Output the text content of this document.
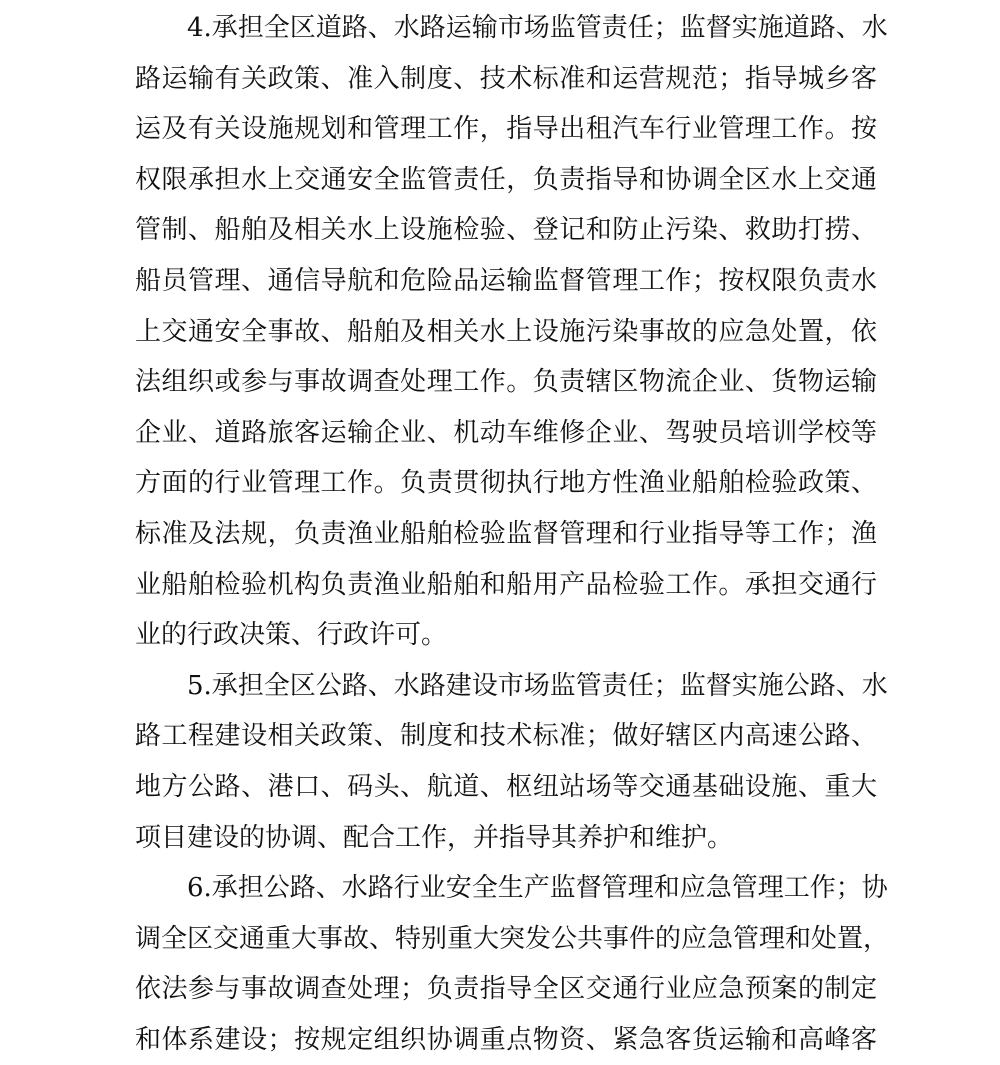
4.承担全区道路、水路运输市场监管责任；监督实施道路、水
路运输有关政策、准入制度、技术标准和运营规范；指导城乡客
运及有关设施规划和管理工作，指导出租汽车行业管理工作。按
权限承担水上交通安全监管责任，负责指导和协调全区水上交通
管制、船舶及相关水上设施检验、登记和防止污染、救助打捞、
船员管理、通信导航和危险品运输监督管理工作；按权限负责水
上交通安全事故、船舶及相关水上设施污染事故的应急处置，依
法组织或参与事故调查处理工作。负责辖区物流企业、货物运输
企业、道路旅客运输企业、机动车维修企业、驾驶员培训学校等
方面的行业管理工作。负责贯彻执行地方性渔业船舶检验政策、
标准及法规，负责渔业船舶检验监督管理和行业指导等工作；渔
业船舶检验机构负责渔业船舶和船用产品检验工作。承担交通行
业的行政决策、行政许可。
5.承担全区公路、水路建设市场监管责任；监督实施公路、水
路工程建设相关政策、制度和技术标准；做好辖区内高速公路、
地方公路、港口、码头、航道、枢纽站场等交通基础设施、重大
项目建设的协调、配合工作，并指导其养护和维护。
6.承担公路、水路行业安全生产监督管理和应急管理工作；协
调全区交通重大事故、特别重大突发公共事件的应急管理和处置，
依法参与事故调查处理；负责指导全区交通行业应急预案的制定
和体系建设；按规定组织协调重点物资、紧急客货运输和高峰客
